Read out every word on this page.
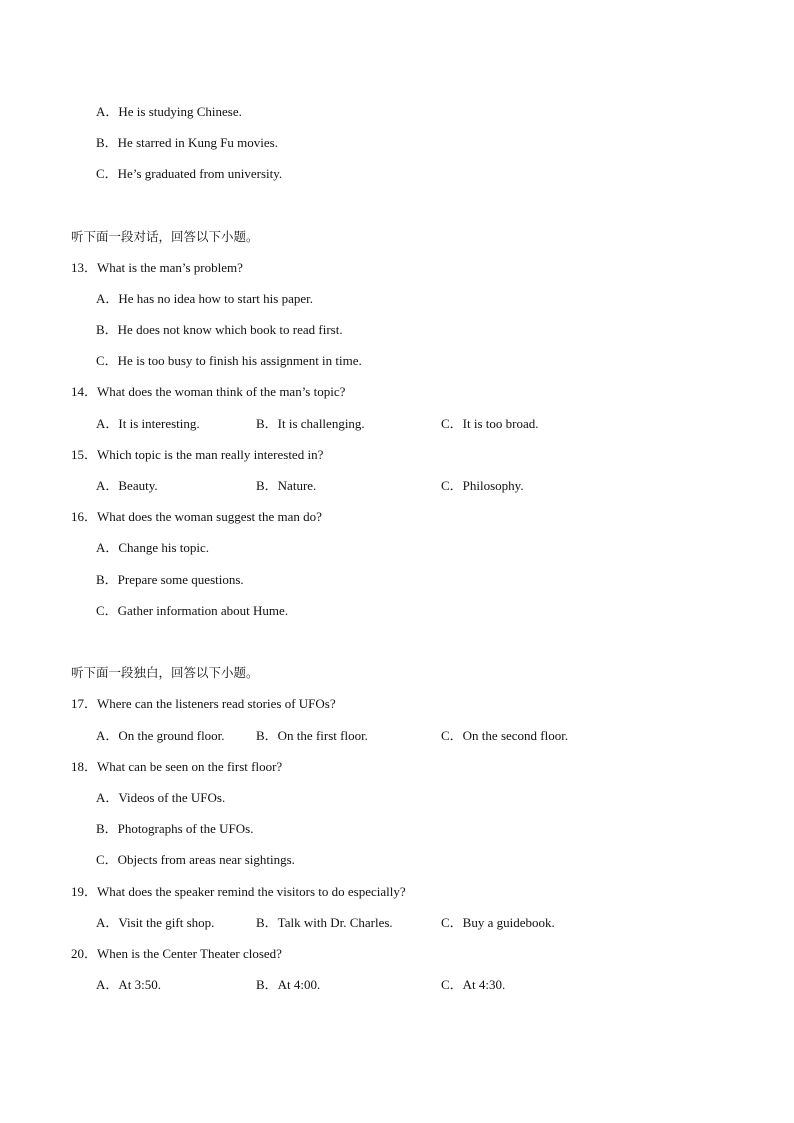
A．He is studying Chinese.
B．He starred in Kung Fu movies.
C．He’s graduated from university.
听下面一段对话，回答以下小题。
13．What is the man’s problem?
A．He has no idea how to start his paper.
B．He does not know which book to read first.
C．He is too busy to finish his assignment in time.
14．What does the woman think of the man’s topic?
A．It is interesting.	B．It is challenging.	C．It is too broad.
15．Which topic is the man really interested in?
A．Beauty.	B．Nature.	C．Philosophy.
16．What does the woman suggest the man do?
A．Change his topic.
B．Prepare some questions.
C．Gather information about Hume.
听下面一段独白，回答以下小题。
17．Where can the listeners read stories of UFOs?
A．On the ground floor. B．On the first floor.	C．On the second floor.
18．What can be seen on the first floor?
A．Videos of the UFOs.
B．Photographs of the UFOs.
C．Objects from areas near sightings.
19．What does the speaker remind the visitors to do especially?
A．Visit the gift shop.	B．Talk with Dr. Charles.	C．Buy a guidebook.
20．When is the Center Theater closed?
A．At 3:50.	B．At 4:00.	C．At 4:30.
